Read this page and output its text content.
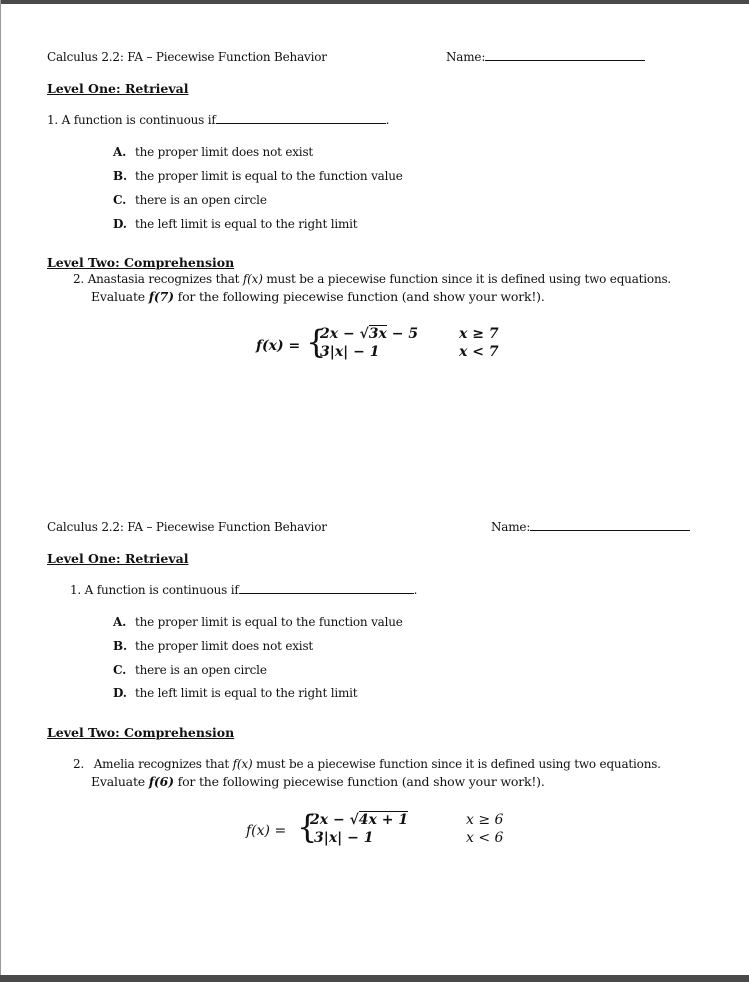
Calculus 2.2: FA – Piecewise Function Behavior	Name:
Level One: Retrieval
1. A function is continuous if	.
A. the proper limit does not exist
B. the proper limit is equal to the function value
C. there is an open circle
D. the left limit is equal to the right limit
Level Two: Comprehension
2. Anastasia recognizes that f(x) must be a piecewise function since it is defined using two equations.
Evaluate f(7) for the following piecewise function (and show your work!).
f(x) = {
2x − √3x − 5
3|x| − 1
x ≥ 7
x < 7
Calculus 2.2: FA – Piecewise Function Behavior	Name:
Level One: Retrieval
1. A function is continuous if	.
A. the proper limit is equal to the function value
B. the proper limit does not exist
C. there is an open circle
D. the left limit is equal to the right limit
Level Two: Comprehension
2. Amelia recognizes that f(x) must be a piecewise function since it is defined using two equations.
Evaluate f(6) for the following piecewise function (and show your work!).
f(x) = {
2x − √4x + 1
3|x| − 1
x ≥ 6
x < 6
